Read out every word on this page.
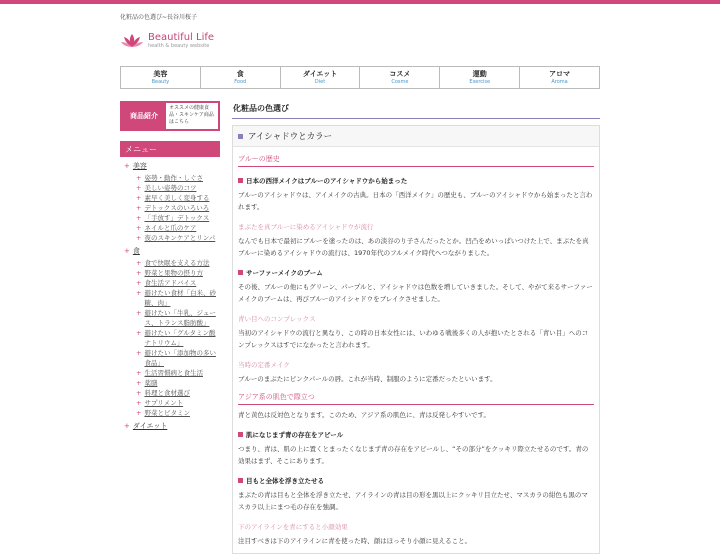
化粧品の色選び~長谷川桜子
Beautiful Life
health & beauty website
美容
Beauty
食
Food
ダイエット
Diet
コスメ
Cosme
運動
Exercise
アロマ
Aroma
商品紹介
オススメの健康食品・スキンケア商品はこちら
メニュー
+ 美容
+ 姿勢・動作・しぐさ
+ 美しい姿勢のコツ
+ 素早く美しく変身する
+ デトックスのいろいろ
+ 「手放す」デトックス
+ ネイルと爪のケア
+ 夜のスキンケアとリンパ
+ 食
+ 食で快眠を支える方法
+ 野菜と果物の摂り方
+ 食生活アドバイス
+ 避けたい食材「白米、砂糖、肉」
+ 避けたい「牛乳、ジュース、トランス脂肪酸」
+ 避けたい「グルタミン酸ナトリウム」
+ 避けたい「添加物の多い食品」
+ 生活習慣病と食生活
+ 薬膳
+ 料理と食材選び
+ サプリメント
+ 野菜とビタミン
+ ダイエット
化粧品の色選び
アイシャドウとカラー
ブルーの歴史
日本の西洋メイクはブルーのアイシャドウから始まった

ブルーのアイシャドウは、アイメイクの古典。日本の「西洋メイク」の歴史も、ブルーのアイシャドウから始まったと言われます。

まぶたを真ブルーに染めるアイシャドウが流行

なんでも日本で最初にブルーを塗ったのは、あの淡谷のり子さんだったとか。凹凸をめいっぱいつけた上で、まぶたを真ブルーに染めるアイシャドウの流行は、1970年代のフルメイク時代へつながりました。

サーファーメイクのブーム

その後、ブルーの他にもグリーン、パープルと、アイシャドウは色数を増していきました。そして、やがて来るサーファーメイクのブームは、再びブルーのアイシャドウをブレイクさせました。

青い目へのコンプレックス

当初のアイシャドウの流行と異なり、この時の日本女性には、いわゆる戦後多くの人が抱いたとされる「青い目」へのコンプレックスはすでになかったと言われます。

当時の定番メイク

ブルーのまぶたにピンクパールの唇。これが当時、制服のように定番だったといいます。

アジア系の肌色で際立つ

青と黄色は反対色となります。このため、アジア系の肌色に、青は反発しやすいです。

肌になじまず青の存在をアピール

つまり、青は、肌の上に置くとまったくなじまず青の存在をアピールし、“その部分”をクッキリ際立たせるのです。青の効果はまず、そこにあります。

目もと全体を浮き立たせる

まぶたの青は目もと全体を浮き立たせ、アイラインの青は目の形を黒以上にクッキリ目立たせ、マスカラの紺色も黒のマスカラ以上にまつ毛の存在を強調。

下のアイラインを青にすると小顔効果

注目すべきは下のアイラインに青を使った時、顔はほっそり小顔に見えること。
